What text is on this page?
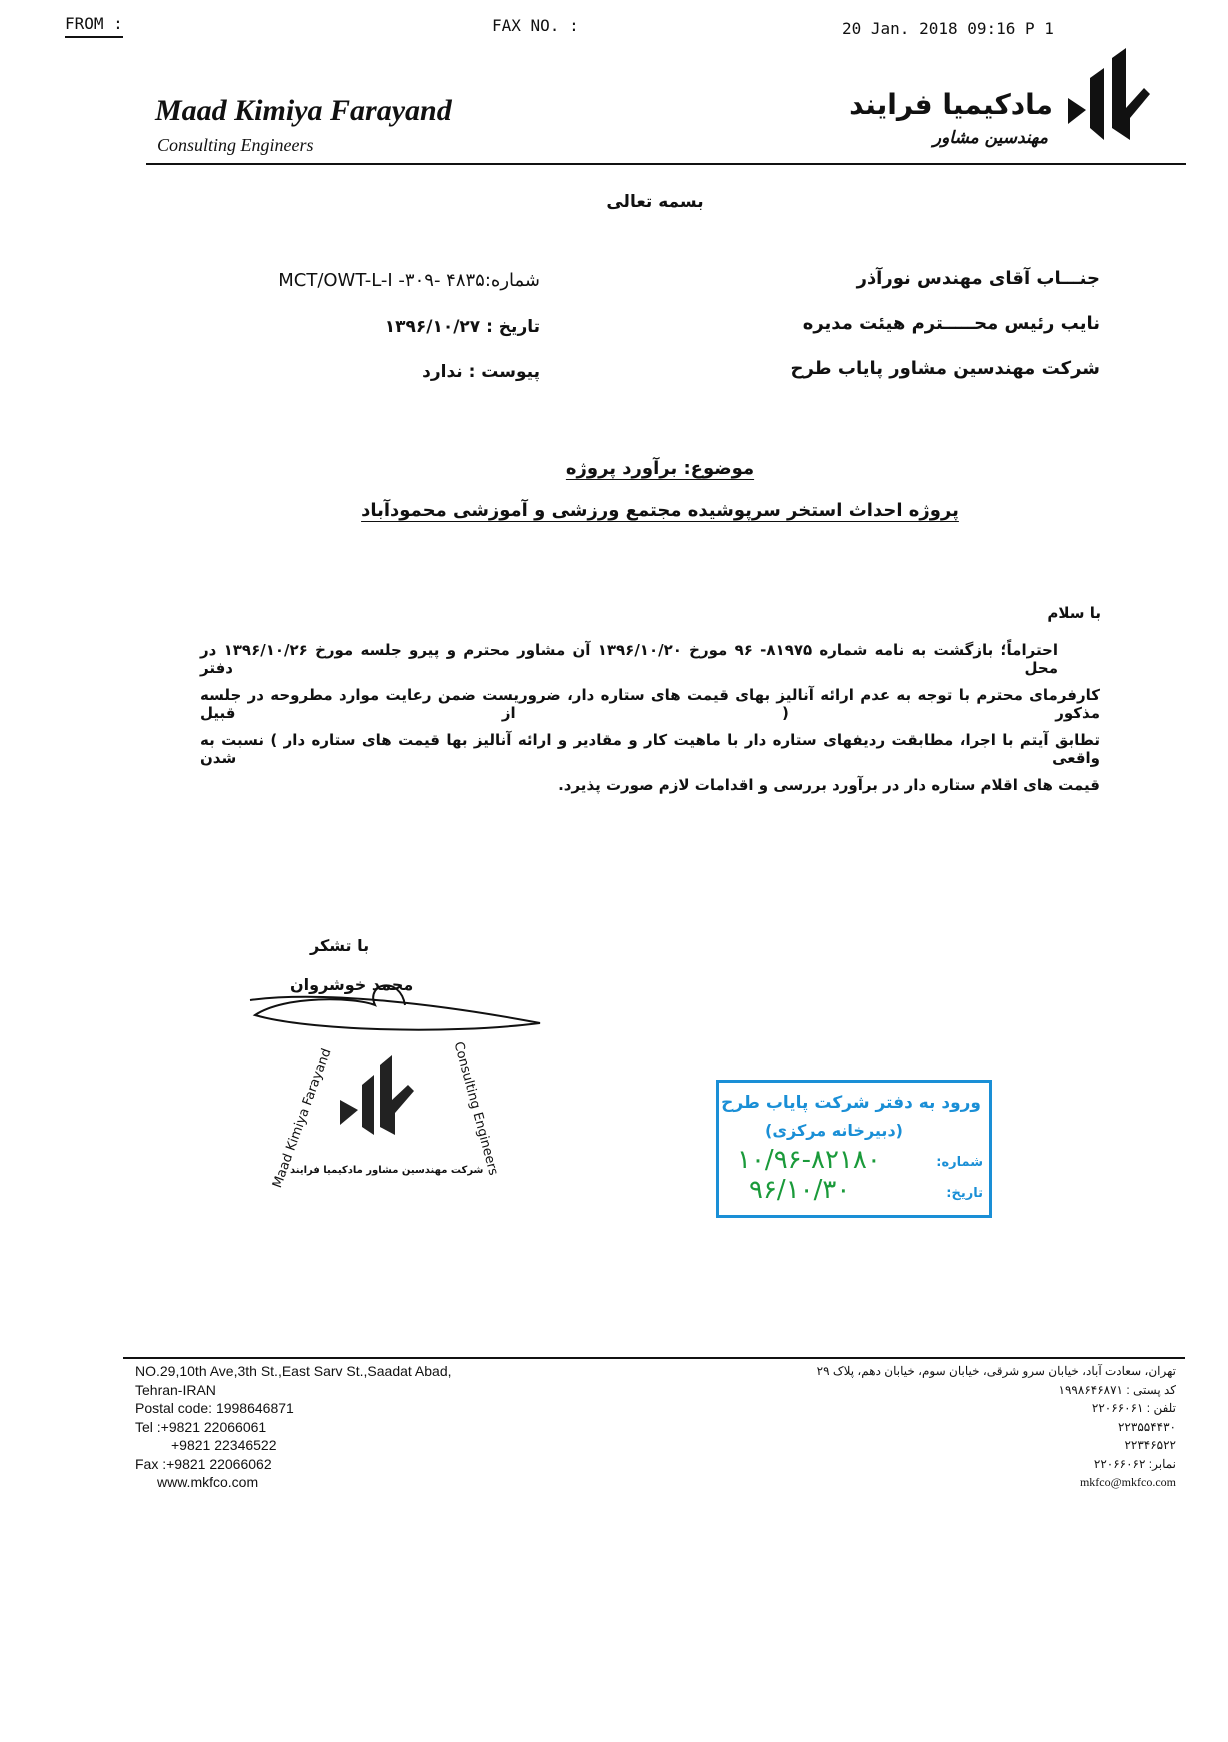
FROM :	FAX NO. :	20 Jan. 2018 09:16 P 1
Maad Kimiya Farayand
Consulting Engineers
مادکیمیا فرایند
مهندسین مشاور
بسمه تعالی
جنـــاب آقای مهندس نورآذر
نایب رئیس محـــــترم هیئت مدیره
شرکت مهندسین مشاور پایاب طرح
شماره:۴۸۳۵ -MCT/OWT-L-I -۳۰۹
تاریخ : ۱۳۹۶/۱۰/۲۷
پیوست : ندارد
موضوع: برآورد پروژه
پروژه احداث استخر سرپوشیده مجتمع ورزشی و آموزشی محمودآباد
با سلام
احتراماً؛ بازگشت به نامه شماره ۸۱۹۷۵- ۹۶ مورخ ۱۳۹۶/۱۰/۲۰ آن مشاور محترم و پیرو جلسه مورخ ۱۳۹۶/۱۰/۲۶ در محل دفتر
کارفرمای محترم با توجه به عدم ارائه آنالیز بهای قیمت های ستاره دار، ضروریست ضمن رعایت موارد مطروحه در جلسه مذکور ( از قبیل
تطابق آیتم با اجرا، مطابقت ردیفهای ستاره دار با ماهیت کار و مقادیر و ارائه آنالیز بها قیمت های ستاره دار ) نسبت به واقعی شدن
قیمت های اقلام ستاره دار در برآورد بررسی و اقدامات لازم صورت پذیرد.
با تشکر
محمد خوشروان
Maad Kimiya Farayand	Consulting Engineers
شرکت مهندسین مشاور مادکیمیا فرایند
ورود به دفتر شرکت پایاب طرح
(دبیرخانه مرکزی)
شماره:
۱۰/۹۶-۸۲۱۸۰
تاریخ:
۹۶/۱۰/۳۰
NO.29,10th Ave,3th St.,East Sarv St.,Saadat Abad,
Tehran-IRAN
Postal code: 1998646871
Tel :+9821 22066061
+9821 22346522
Fax :+9821 22066062
www.mkfco.com
تهران، سعادت آباد، خیابان سرو شرقی، خیابان سوم، خیابان دهم، پلاک ۲۹
کد پستی : ۱۹۹۸۶۴۶۸۷۱
تلفن : ۲۲۰۶۶۰۶۱
۲۲۳۵۵۴۴۳۰
۲۲۳۴۶۵۲۲
نمابر: ۲۲۰۶۶۰۶۲
mkfco@mkfco.com
